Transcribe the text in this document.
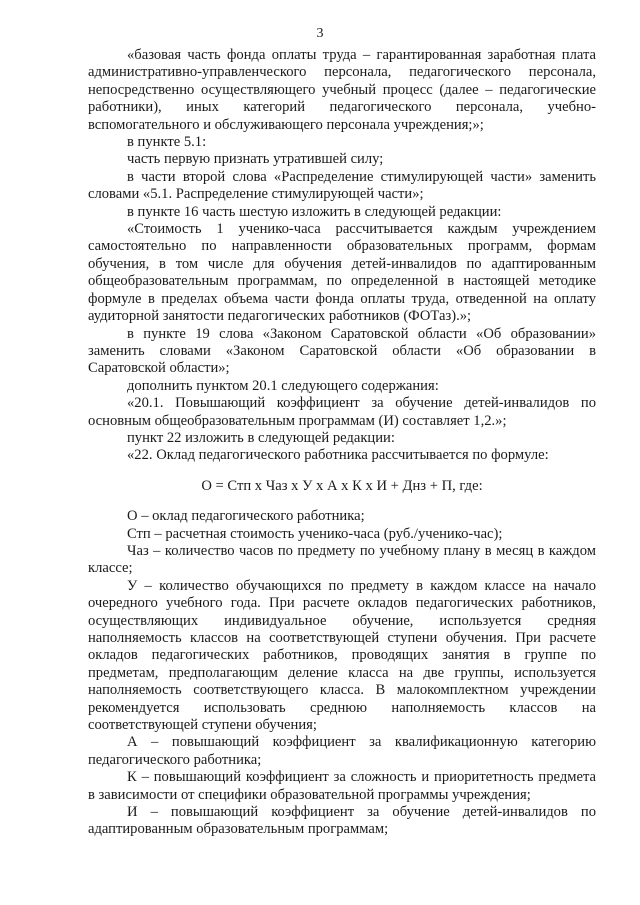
3

«базовая часть фонда оплаты труда – гарантированная заработная плата административно-управленческого персонала, педагогического персонала, непосредственно осуществляющего учебный процесс (далее – педагогические работники), иных категорий педагогического персонала, учебно-вспомогательного и обслуживающего персонала учреждения;»;

в пункте 5.1:

часть первую признать утратившей силу;

в части второй слова «Распределение стимулирующей части» заменить словами «5.1. Распределение стимулирующей части»;

в пункте 16 часть шестую изложить в следующей редакции:

«Стоимость 1 ученико-часа рассчитывается каждым учреждением самостоятельно по направленности образовательных программ, формам обучения, в том числе для обучения детей-инвалидов по адаптированным общеобразовательным программам, по определенной в настоящей методике формуле в пределах объема части фонда оплаты труда, отведенной на оплату аудиторной занятости педагогических работников (ФОТаз).»;

в пункте 19 слова «Законом Саратовской области «Об образовании» заменить словами «Законом Саратовской области «Об образовании в Саратовской области»;

дополнить пунктом 20.1 следующего содержания:

«20.1. Повышающий коэффициент за обучение детей-инвалидов по основным общеобразовательным программам (И) составляет 1,2.»;

пункт 22 изложить в следующей редакции:

«22. Оклад педагогического работника рассчитывается по формуле:

О = Стп х Чаз х У х А х К х И + Днз + П, где:

О – оклад педагогического работника;

Стп – расчетная стоимость ученико-часа (руб./ученико-час);

Чаз – количество часов по предмету по учебному плану в месяц в каждом классе;

У – количество обучающихся по предмету в каждом классе на начало очередного учебного года. При расчете окладов педагогических работников, осуществляющих индивидуальное обучение, используется средняя наполняемость классов на соответствующей ступени обучения. При расчете окладов педагогических работников, проводящих занятия в группе по предметам, предполагающим деление класса на две группы, используется наполняемость соответствующего класса. В малокомплектном учреждении рекомендуется использовать среднюю наполняемость классов на соответствующей ступени обучения;

А – повышающий коэффициент за квалификационную категорию педагогического работника;

К – повышающий коэффициент за сложность и приоритетность предмета в зависимости от специфики образовательной программы учреждения;

И – повышающий коэффициент за обучение детей-инвалидов по адаптированным образовательным программам;
